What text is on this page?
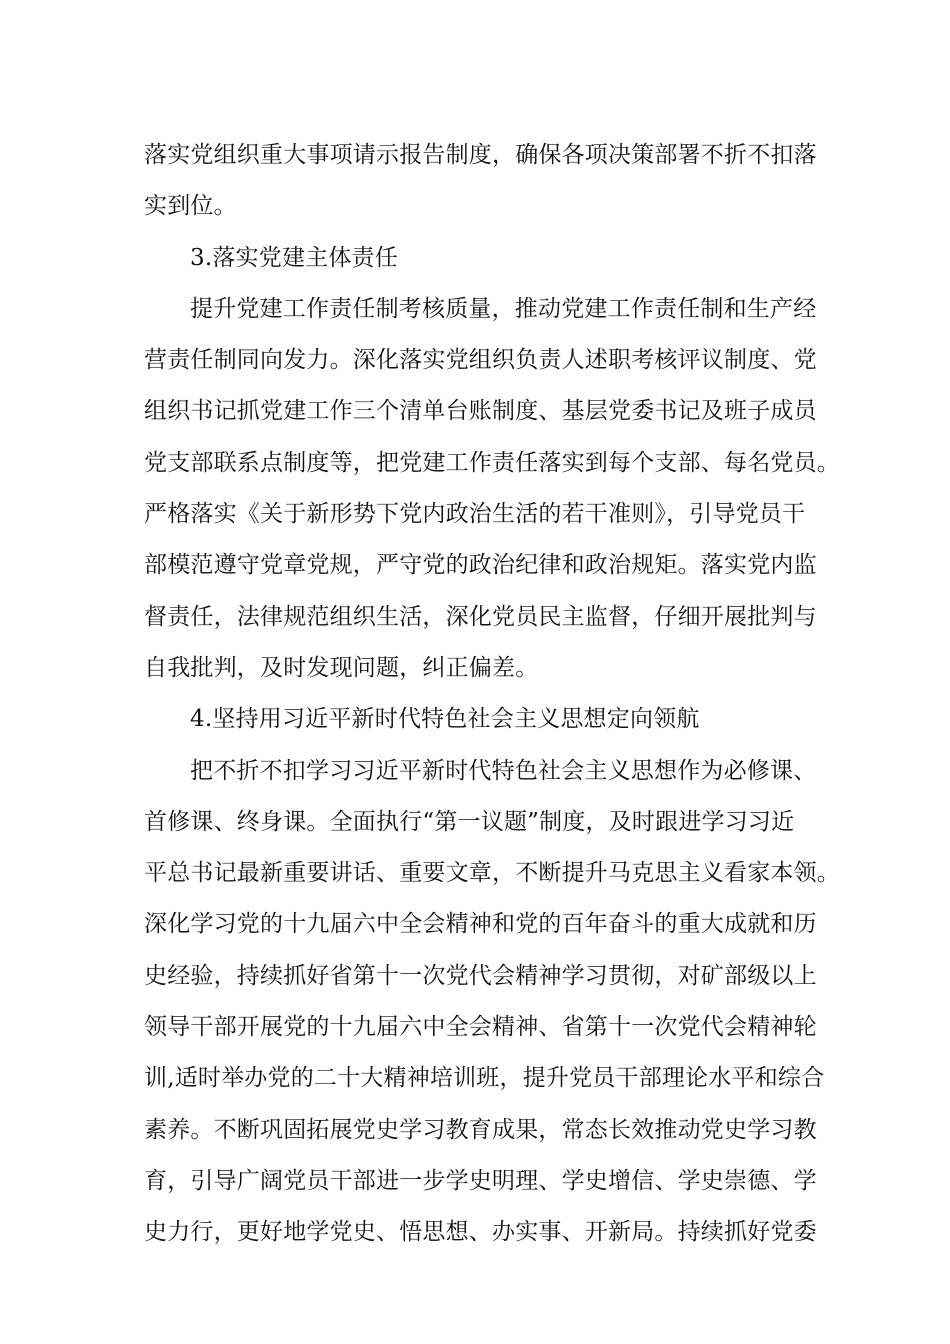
落实党组织重大事项请示报告制度，确保各项决策部署不折不扣落
实到位。
3.落实党建主体责任
提升党建工作责任制考核质量，推动党建工作责任制和生产经
营责任制同向发力。深化落实党组织负责人述职考核评议制度、党
组织书记抓党建工作三个清单台账制度、基层党委书记及班子成员
党支部联系点制度等，把党建工作责任落实到每个支部、每名党员。
严格落实《关于新形势下党内政治生活的若干准则》，引导党员干
部模范遵守党章党规，严守党的政治纪律和政治规矩。落实党内监
督责任，法律规范组织生活，深化党员民主监督，仔细开展批判与
自我批判，及时发现问题，纠正偏差。
4.坚持用习近平新时代特色社会主义思想定向领航
把不折不扣学习习近平新时代特色社会主义思想作为必修课、
首修课、终身课。全面执行“第一议题”制度，及时跟进学习习近
平总书记最新重要讲话、重要文章，不断提升马克思主义看家本领。
深化学习党的十九届六中全会精神和党的百年奋斗的重大成就和历
史经验，持续抓好省第十一次党代会精神学习贯彻，对矿部级以上
领导干部开展党的十九届六中全会精神、省第十一次党代会精神轮
训,适时举办党的二十大精神培训班，提升党员干部理论水平和综合
素养。不断巩固拓展党史学习教育成果，常态长效推动党史学习教
育，引导广阔党员干部进一步学史明理、学史增信、学史崇德、学
史力行，更好地学党史、悟思想、办实事、开新局。持续抓好党委
